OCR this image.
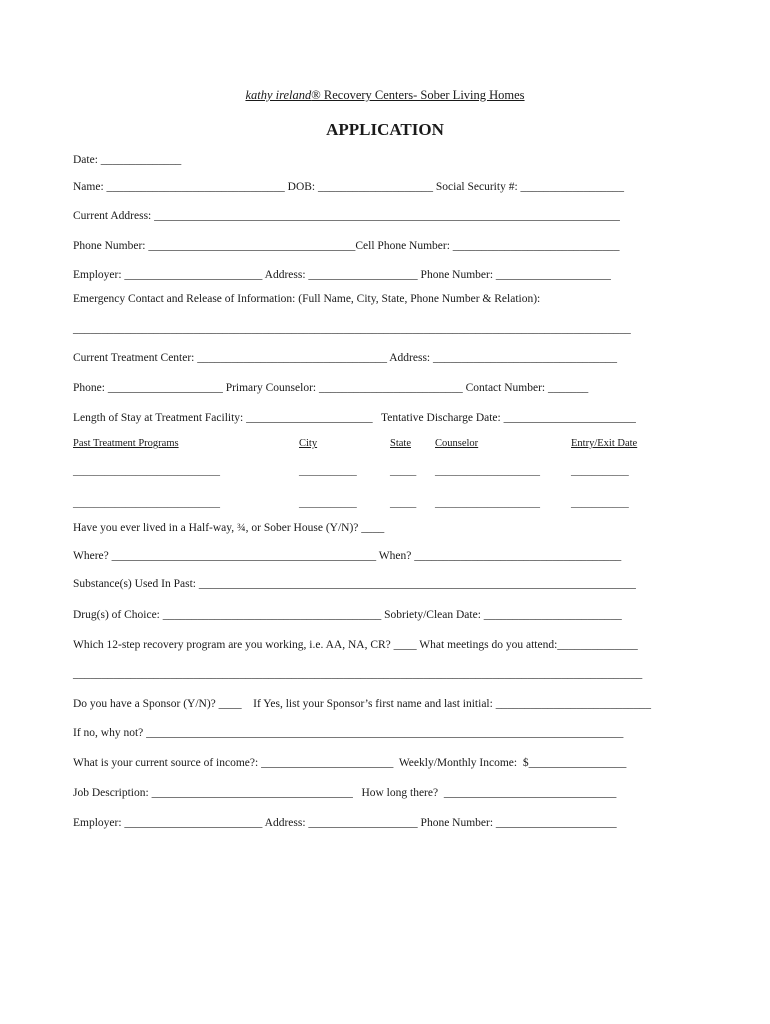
kathy ireland® Recovery Centers- Sober Living Homes
APPLICATION
Date: ______________
Name: _______________________________ DOB: ____________________ Social Security #: __________________
Current Address: _________________________________________________________________________________
Phone Number: ____________________________________Cell Phone Number: _____________________________
Employer: ________________________ Address: ___________________ Phone Number: ____________________
Emergency Contact and Release of Information: (Full Name, City, State, Phone Number & Relation):
_________________________________________________________________________________________________
Current Treatment Center: _________________________________ Address: ________________________________
Phone: ____________________ Primary Counselor: _________________________ Contact Number: _______
Length of Stay at Treatment Facility: ______________________   Tentative Discharge Date: _______________________
Past Treatment Programs	City	State Counselor	Entry/Exit Date
____________________________	___________	_____ ____________________	___________
____________________________	___________	_____ ____________________	___________
Have you ever lived in a Half-way, ¾, or Sober House (Y/N)? ____
Where? ______________________________________________ When? ____________________________________
Substance(s) Used In Past: ____________________________________________________________________________
Drug(s) of Choice: ______________________________________ Sobriety/Clean Date: ________________________
Which 12-step recovery program are you working, i.e. AA, NA, CR? ____ What meetings do you attend:______________
___________________________________________________________________________________________________
Do you have a Sponsor (Y/N)? ____    If Yes, list your Sponsor’s first name and last initial: ___________________________
If no, why not? ___________________________________________________________________________________
What is your current source of income?: _______________________  Weekly/Monthly Income:  $_________________
Job Description: ___________________________________   How long there?  ______________________________
Employer: ________________________ Address: ___________________ Phone Number: _____________________
